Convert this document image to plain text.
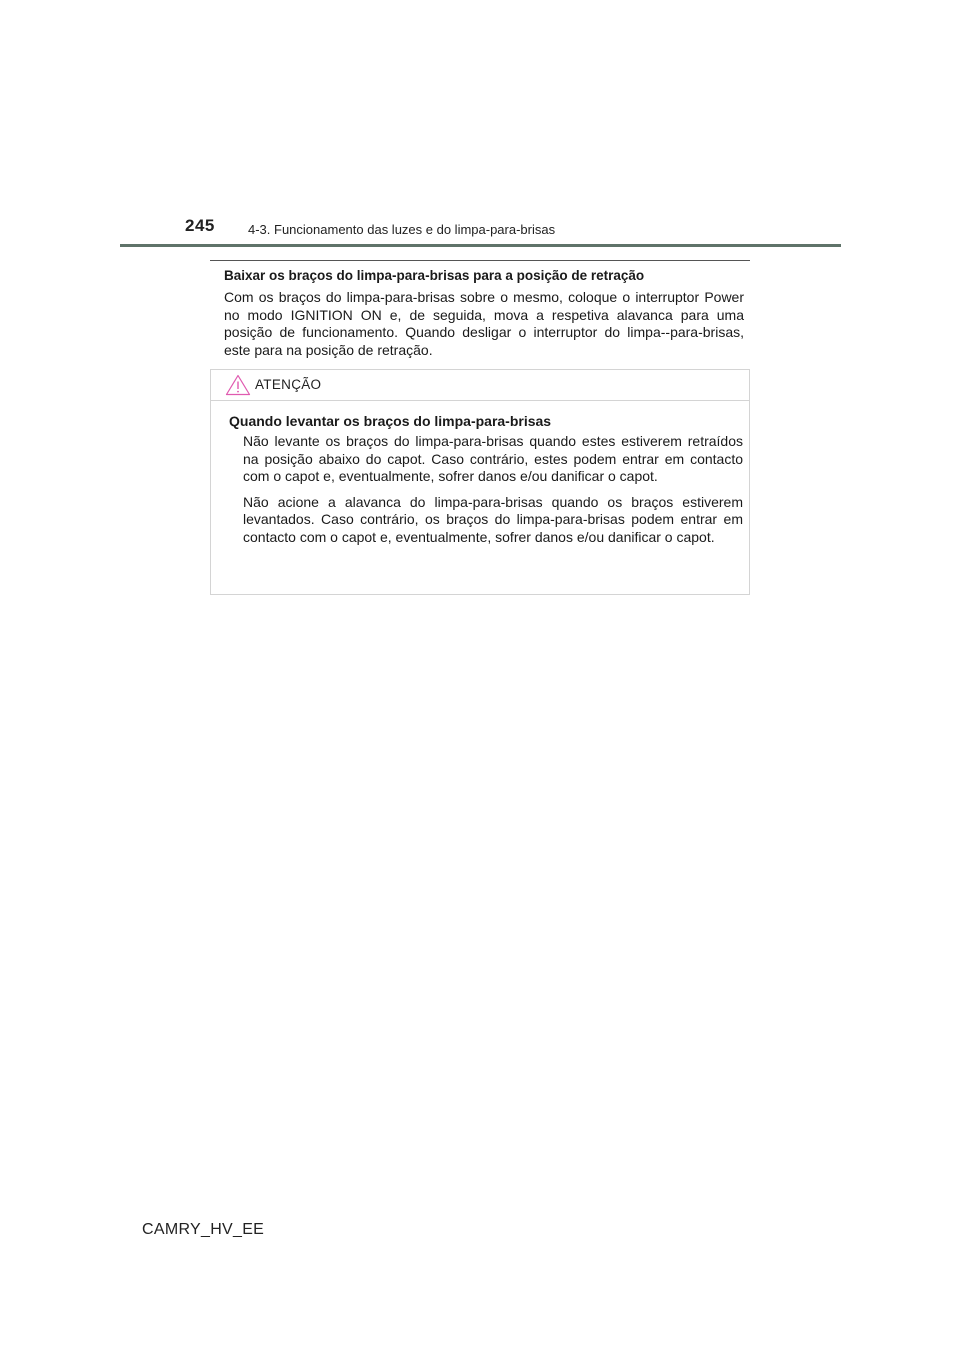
245	4-3. Funcionamento das luzes e do limpa-para-brisas
Baixar os braços do limpa-para-brisas para a posição de retração
Com os braços do limpa-para-brisas sobre o mesmo, coloque o interruptor Power no modo IGNITION ON e, de seguida, mova a respetiva alavanca para uma posição de funcionamento. Quando desligar o interruptor do limpa--para-brisas, este para na posição de retração.
ATENÇÃO
Quando levantar os braços do limpa-para-brisas
Não levante os braços do limpa-para-brisas quando estes estiverem retraídos na posição abaixo do capot. Caso contrário, estes podem entrar em contacto com o capot e, eventualmente, sofrer danos e/ou danificar o capot.
Não acione a alavanca do limpa-para-brisas quando os braços estiverem levantados. Caso contrário, os braços do limpa-para-brisas podem entrar em contacto com o capot e, eventualmente, sofrer danos e/ou danificar o capot.
CAMRY_HV_EE
